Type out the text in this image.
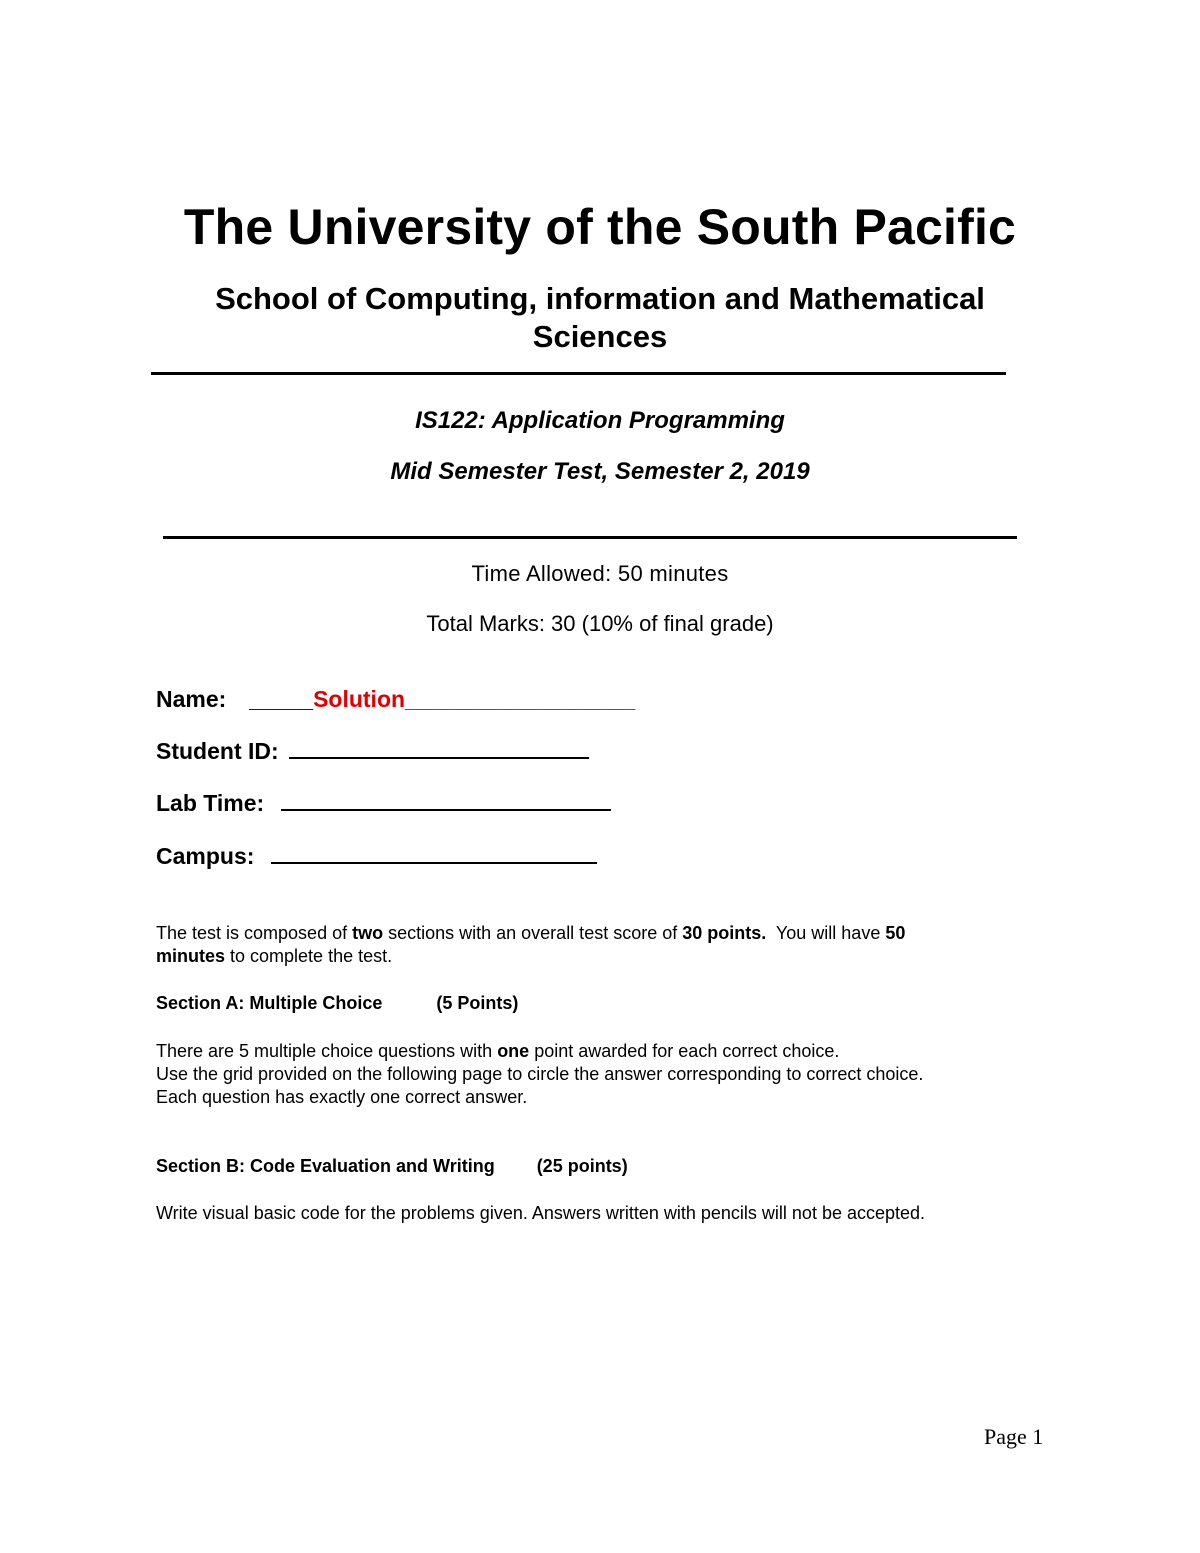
The University of the South Pacific
School of Computing, information and Mathematical
Sciences
IS122: Application Programming
Mid Semester Test, Semester 2, 2019
Time Allowed: 50 minutes
Total Marks: 30 (10% of final grade)
Name: _____Solution__________________
Student ID:
Lab Time:
Campus:
The test is composed of two sections with an overall test score of 30 points.  You will have 50
minutes to complete the test.
Section A: Multiple Choice	(5 Points)
There are 5 multiple choice questions with one point awarded for each correct choice.
Use the grid provided on the following page to circle the answer corresponding to correct choice.
Each question has exactly one correct answer.
Section B: Code Evaluation and Writing (25 points)
Write visual basic code for the problems given. Answers written with pencils will not be accepted.
Page 1
